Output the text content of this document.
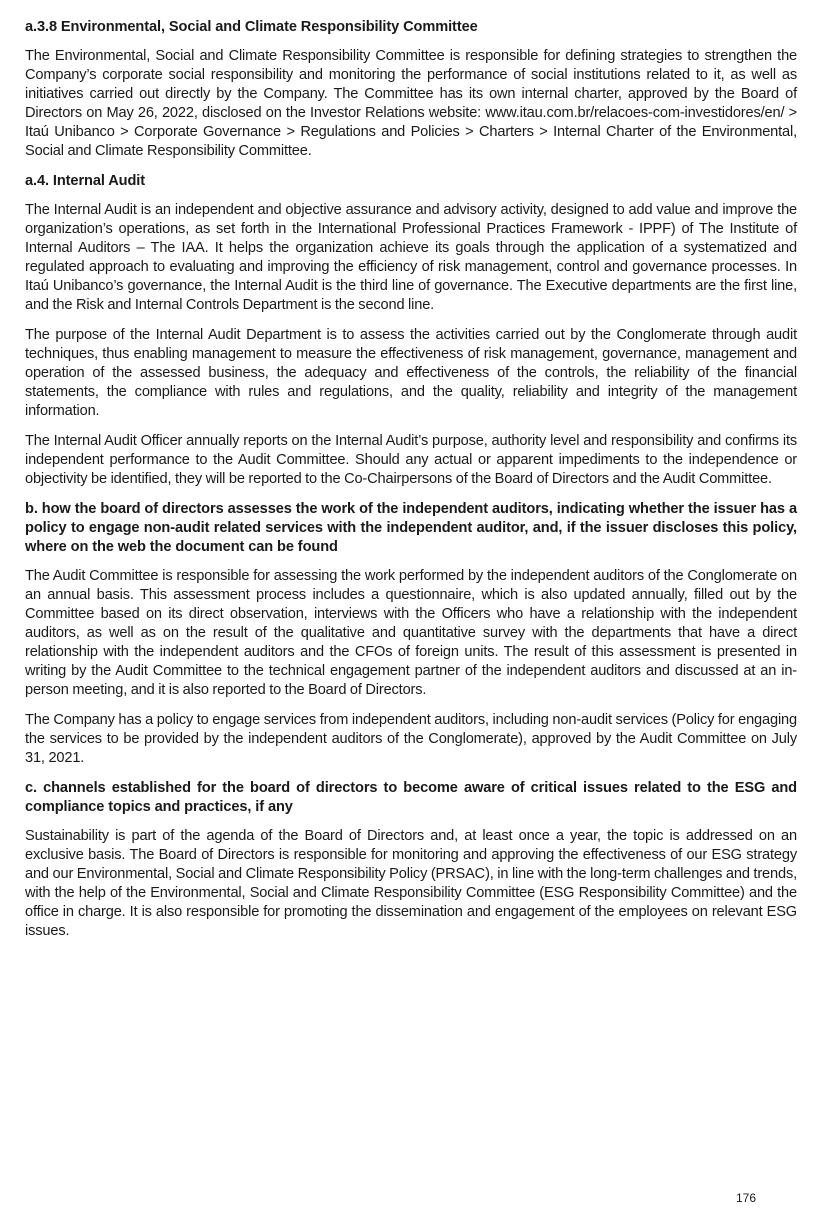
a.3.8 Environmental, Social and Climate Responsibility Committee

The Environmental, Social and Climate Responsibility Committee is responsible for defining strategies to strengthen the Company’s corporate social responsibility and monitoring the performance of social institutions related to it, as well as initiatives carried out directly by the Company. The Committee has its own internal charter, approved by the Board of Directors on May 26, 2022, disclosed on the Investor Relations website: www.itau.com.br/relacoes-com-investidores/en/ > Itaú Unibanco > Corporate Governance > Regulations and Policies > Charters > Internal Charter of the Environmental, Social and Climate Responsibility Committee.

a.4. Internal Audit

The Internal Audit is an independent and objective assurance and advisory activity, designed to add value and improve the organization’s operations, as set forth in the International Professional Practices Framework - IPPF) of The Institute of Internal Auditors – The IAA. It helps the organization achieve its goals through the application of a systematized and regulated approach to evaluating and improving the efficiency of risk management, control and governance processes. In Itaú Unibanco’s governance, the Internal Audit is the third line of governance. The Executive departments are the first line, and the Risk and Internal Controls Department is the second line.

The purpose of the Internal Audit Department is to assess the activities carried out by the Conglomerate through audit techniques, thus enabling management to measure the effectiveness of risk management, governance, management and operation of the assessed business, the adequacy and effectiveness of the controls, the reliability of the financial statements, the compliance with rules and regulations, and the quality, reliability and integrity of the management information.

The Internal Audit Officer annually reports on the Internal Audit’s purpose, authority level and responsibility and confirms its independent performance to the Audit Committee. Should any actual or apparent impediments to the independence or objectivity be identified, they will be reported to the Co-Chairpersons of the Board of Directors and the Audit Committee.

b. how the board of directors assesses the work of the independent auditors, indicating whether the issuer has a policy to engage non-audit related services with the independent auditor, and, if the issuer discloses this policy, where on the web the document can be found

The Audit Committee is responsible for assessing the work performed by the independent auditors of the Conglomerate on an annual basis. This assessment process includes a questionnaire, which is also updated annually, filled out by the Committee based on its direct observation, interviews with the Officers who have a relationship with the independent auditors, as well as on the result of the qualitative and quantitative survey with the departments that have a direct relationship with the independent auditors and the CFOs of foreign units. The result of this assessment is presented in writing by the Audit Committee to the technical engagement partner of the independent auditors and discussed at an in-person meeting, and it is also reported to the Board of Directors.

The Company has a policy to engage services from independent auditors, including non-audit services (Policy for engaging the services to be provided by the independent auditors of the Conglomerate), approved by the Audit Committee on July 31, 2021.

c. channels established for the board of directors to become aware of critical issues related to the ESG and compliance topics and practices, if any

Sustainability is part of the agenda of the Board of Directors and, at least once a year, the topic is addressed on an exclusive basis. The Board of Directors is responsible for monitoring and approving the effectiveness of our ESG strategy and our Environmental, Social and Climate Responsibility Policy (PRSAC), in line with the long-term challenges and trends, with the help of the Environmental, Social and Climate Responsibility Committee (ESG Responsibility Committee) and the office in charge. It is also responsible for promoting the dissemination and engagement of the employees on relevant ESG issues.

176
